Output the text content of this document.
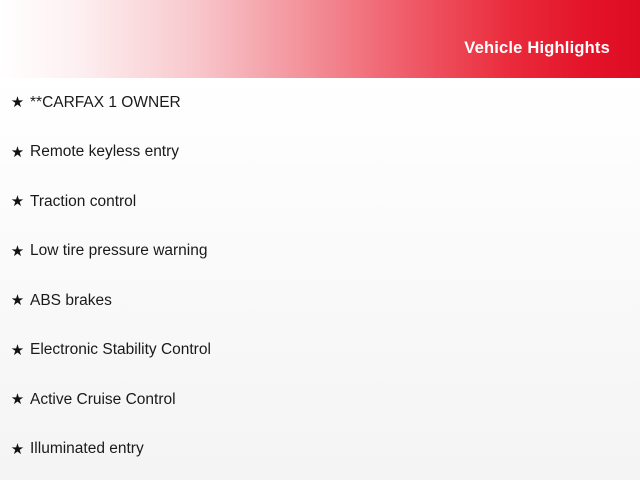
Vehicle Highlights
★ **CARFAX 1 OWNER
★ Remote keyless entry
★ Traction control
★ Low tire pressure warning
★ ABS brakes
★ Electronic Stability Control
★ Active Cruise Control
★ Illuminated entry
